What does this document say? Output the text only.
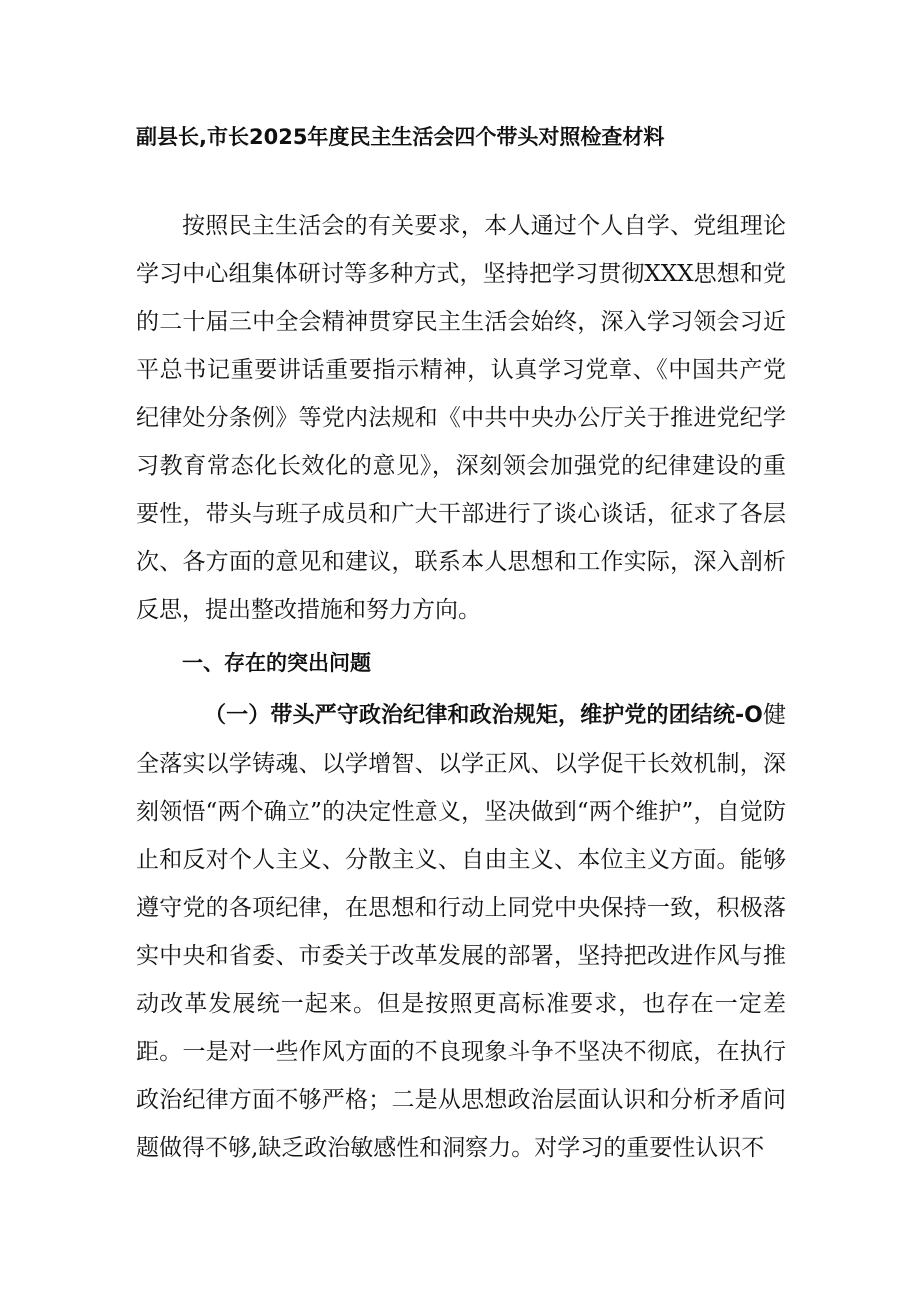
副县长,市长2025年度民主生活会四个带头对照检查材料

按照民主生活会的有关要求，本人通过个人自学、党组理论学习中心组集体研讨等多种方式，坚持把学习贯彻XXX思想和党的二十届三中全会精神贯穿民主生活会始终，深入学习领会习近平总书记重要讲话重要指示精神，认真学习党章、《中国共产党纪律处分条例》等党内法规和《中共中央办公厅关于推进党纪学习教育常态化长效化的意见》，深刻领会加强党的纪律建设的重要性，带头与班子成员和广大干部进行了谈心谈话，征求了各层次、各方面的意见和建议，联系本人思想和工作实际，深入剖析反思，提出整改措施和努力方向。

一、存在的突出问题

（一）带头严守政治纪律和政治规矩，维护党的团结统-O健全落实以学铸魂、以学增智、以学正风、以学促干长效机制，深刻领悟“两个确立”的决定性意义，坚决做到“两个维护”，自觉防止和反对个人主义、分散主义、自由主义、本位主义方面。能够遵守党的各项纪律，在思想和行动上同党中央保持一致，积极落实中央和省委、市委关于改革发展的部署，坚持把改进作风与推动改革发展统一起来。但是按照更高标准要求，也存在一定差距。一是对一些作风方面的不良现象斗争不坚决不彻底，在执行政治纪律方面不够严格；二是从思想政治层面认识和分析矛盾问题做得不够,缺乏政治敏感性和洞察力。对学习的重要性认识不
